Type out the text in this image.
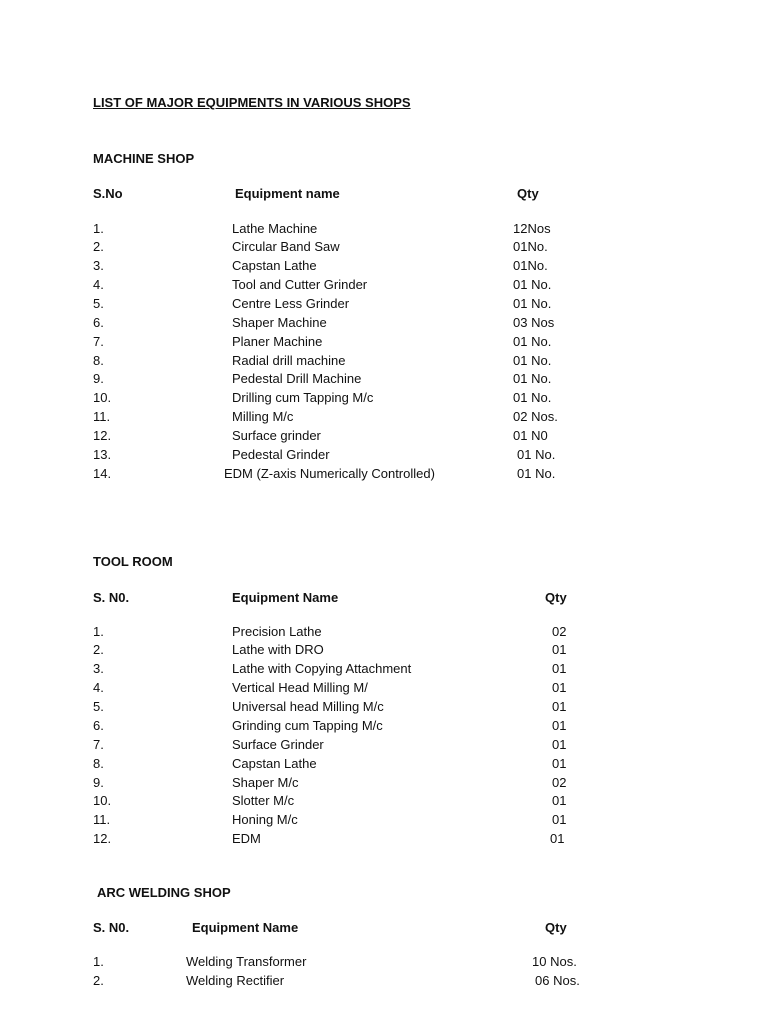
LIST OF MAJOR EQUIPMENTS IN VARIOUS SHOPS
MACHINE SHOP
S.No	Equipment name	Qty
1.	Lathe Machine	12Nos
2.	Circular Band Saw	01No.
3.	Capstan Lathe	01No.
4.	Tool and Cutter Grinder	01 No.
5.	Centre Less Grinder	01 No.
6.	Shaper Machine	03 Nos
7.	Planer Machine	01 No.
8.	Radial drill machine	01 No.
9.	Pedestal Drill Machine	01 No.
10.	Drilling cum Tapping M/c	01 No.
11.	Milling M/c	02 Nos.
12.	Surface grinder	01 N0
13.	Pedestal Grinder	01 No.
14.	EDM (Z-axis Numerically Controlled)	01 No.
TOOL ROOM
S. N0.	Equipment Name	Qty
1.	Precision Lathe	02
2.	Lathe with DRO	01
3.	Lathe with Copying Attachment	01
4.	Vertical Head Milling M/	01
5.	Universal head Milling M/c	01
6.	Grinding cum Tapping M/c	01
7.	Surface Grinder	01
8.	Capstan Lathe	01
9.	Shaper M/c	02
10.	Slotter M/c	01
11.	Honing M/c	01
12.	EDM	01
ARC WELDING SHOP
S. N0.	Equipment Name	Qty
1.	Welding Transformer	10 Nos.
2.	Welding Rectifier	06 Nos.
